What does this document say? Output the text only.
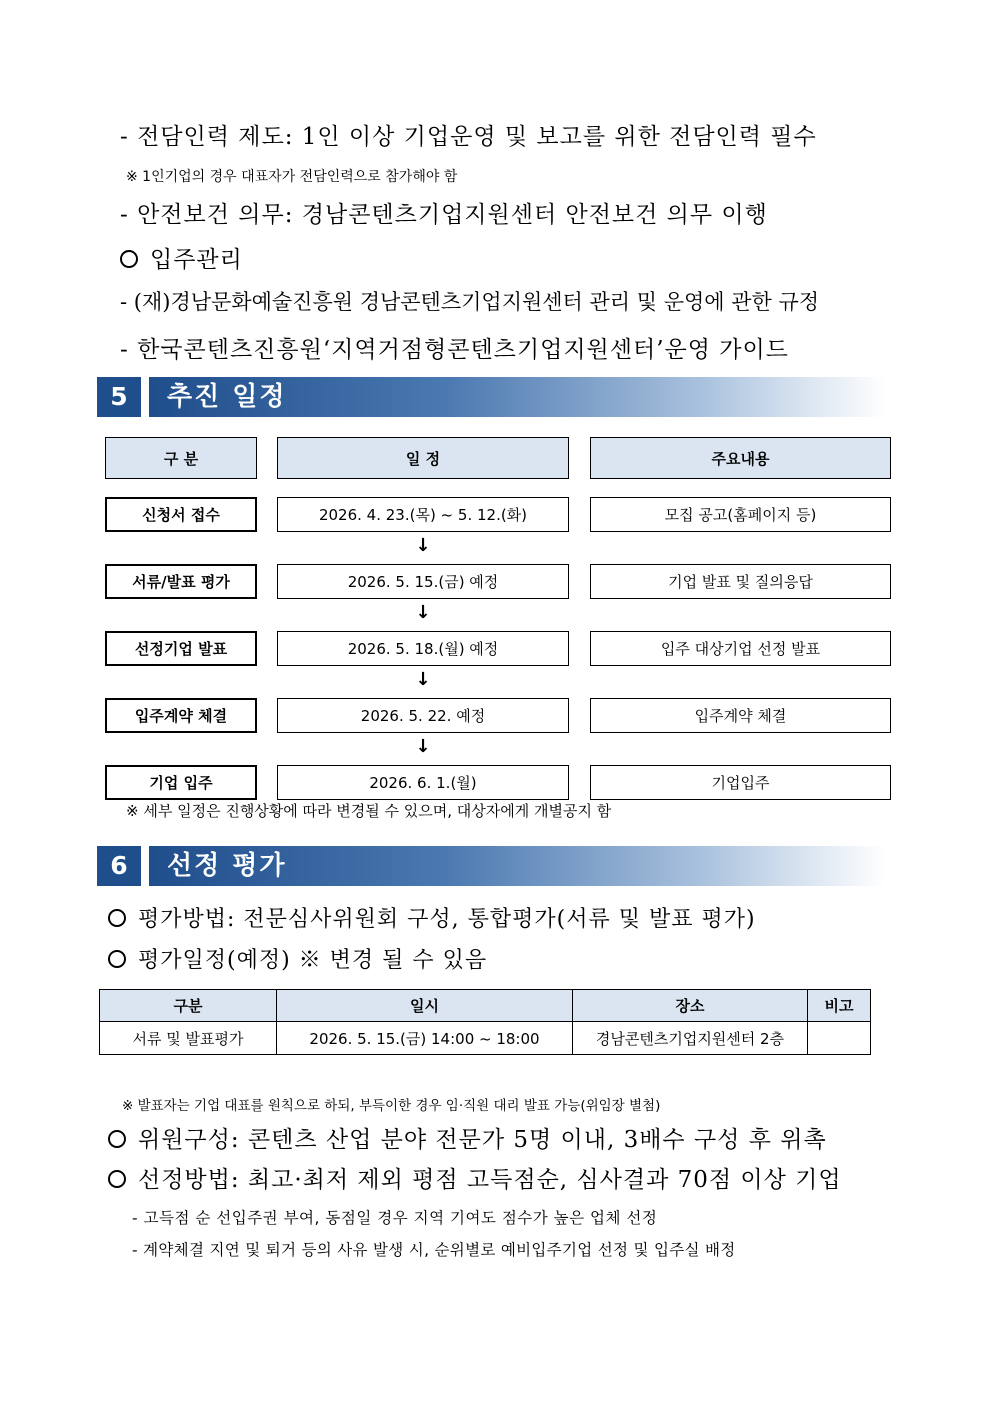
- 전담인력 제도: 1인 이상 기업운영 및 보고를 위한 전담인력 필수
※ 1인기업의 경우 대표자가 전담인력으로 참가해야 함
- 안전보건 의무: 경남콘텐츠기업지원센터 안전보건 의무 이행
입주관리
- (재)경남문화예술진흥원 경남콘텐츠기업지원센터 관리 및 운영에 관한 규정
- 한국콘텐츠진흥원‘지역거점형콘텐츠기업지원센터’운영 가이드
5	추진 일정
구 분	일 정	주요내용
신청서 접수	2026. 4. 23.(목) ~ 5. 12.(화)	모집 공고(홈페이지 등)
↓
서류/발표 평가	2026. 5. 15.(금) 예정	기업 발표 및 질의응답
↓
선정기업 발표	2026. 5. 18.(월) 예정	입주 대상기업 선정 발표
↓
입주계약 체결	2026. 5. 22. 예정	입주계약 체결
↓
기업 입주	2026. 6. 1.(월)	기업입주
※ 세부 일정은 진행상황에 따라 변경될 수 있으며, 대상자에게 개별공지 함
6	선정 평가
평가방법: 전문심사위원회 구성, 통합평가(서류 및 발표 평가)
평가일정(예정) ※ 변경 될 수 있음
구분	일시	장소	비고
서류 및 발표평가	2026. 5. 15.(금) 14:00 ~ 18:00	경남콘텐츠기업지원센터 2층	
※ 발표자는 기업 대표를 원칙으로 하되, 부득이한 경우 임·직원 대리 발표 가능(위임장 별첨)
위원구성: 콘텐츠 산업 분야 전문가 5명 이내, 3배수 구성 후 위촉
선정방법: 최고·최저 제외 평점 고득점순, 심사결과 70점 이상 기업
- 고득점 순 선입주권 부여, 동점일 경우 지역 기여도 점수가 높은 업체 선정
- 계약체결 지연 및 퇴거 등의 사유 발생 시, 순위별로 예비입주기업 선정 및 입주실 배정
